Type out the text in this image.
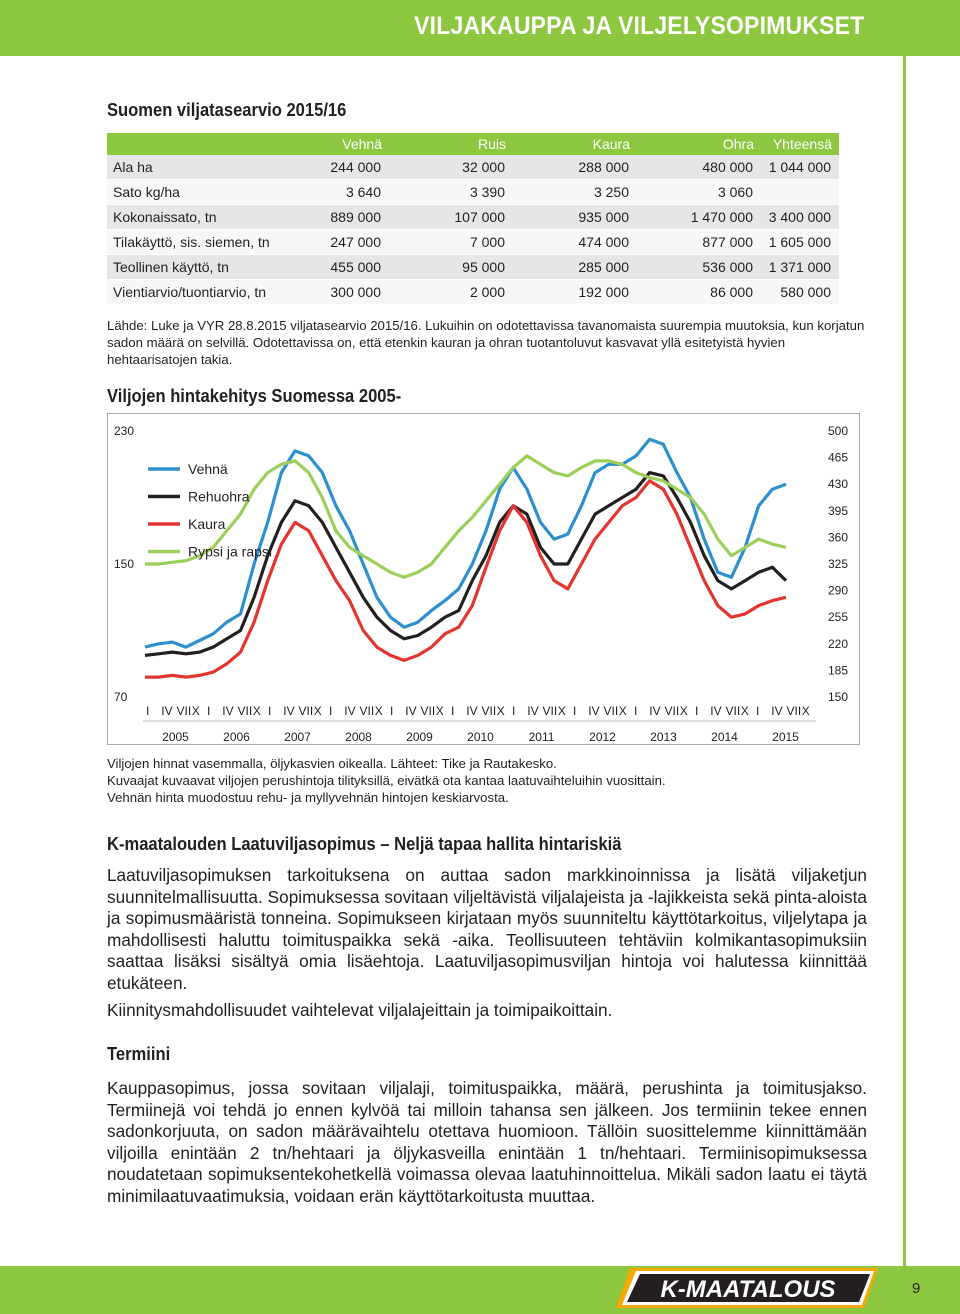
VILJAKAUPPA JA VILJELYSOPIMUKSET
Suomen viljatasearvio 2015/16
	Vehnä	Ruis	Kaura	Ohra	Yhteensä
Ala ha	244 000	32 000	288 000	480 000	1 044 000
Sato kg/ha	3 640	3 390	3 250	3 060	
Kokonaissato, tn	889 000	107 000	935 000	1 470 000	3 400 000
Tilakäyttö, sis. siemen, tn	247 000	7 000	474 000	877 000	1 605 000
Teollinen käyttö, tn	455 000	95 000	285 000	536 000	1 371 000
Vientiarvio/tuontiarvio, tn	300 000	2 000	192 000	86 000	580 000
Lähde: Luke ja VYR 28.8.2015 viljatasearvio 2015/16. Lukuihin on odotettavissa tavanomaista suurempia muutoksia, kun korjatun sadon määrä on selvillä. Odotettavissa on, että etenkin kauran ja ohran tuotantoluvut kasvavat yllä esitetyistä hyvien hehtaarisatojen takia.
Viljojen hintakehitys Suomessa 2005-
230
150
70
500
465
430
395
360
325
290
255
220
185
150
I IV VII X
2005
I IV VII X
2006
I IV VII X
2007
I IV VII X
2008
I IV VII X
2009
I IV VII X
2010
I IV VII X
2011
I IV VII X
2012
I IV VII X
2013
I IV VII X
2014
I IV VII X
2015
Vehnä
Rehuohra
Kaura
Rypsi ja rapsi
Viljojen hinnat vasemmalla, öljykasvien oikealla. Lähteet: Tike ja Rautakesko.
Kuvaajat kuvaavat viljojen perushintoja tilityksillä, eivätkä ota kantaa laatuvaihteluihin vuosittain.
Vehnän hinta muodostuu rehu- ja myllyvehnän hintojen keskiarvosta.
K-maatalouden Laatuviljasopimus – Neljä tapaa hallita hintariskiä
Laatuviljasopimuksen tarkoituksena on auttaa sadon markkinoinnissa ja lisätä viljaketjun suunnitelmallisuutta. Sopimuksessa sovitaan viljeltävistä viljalajeista ja -lajikkeista sekä pinta-aloista ja sopimusmääristä tonneina. Sopimukseen kirjataan myös suunniteltu käyttötarkoitus, viljelytapa ja mahdollisesti haluttu toimituspaikka sekä -aika. Teollisuuteen tehtäviin kolmikantasopimuksiin saattaa lisäksi sisältyä omia lisäehtoja. Laatuviljasopimusviljan hintoja voi halutessa kiinnittää etukäteen.
Kiinnitysmahdollisuudet vaihtelevat viljalajeittain ja toimipaikoittain.
Termiini
Kauppasopimus, jossa sovitaan viljalaji, toimituspaikka, määrä, perushinta ja toimitusjakso. Termiinejä voi tehdä jo ennen kylvöä tai milloin tahansa sen jälkeen. Jos termiinin tekee ennen sadonkorjuuta, on sadon määrävaihtelu otettava huomioon. Tällöin suosittelemme kiinnittämään viljoilla enintään 2 tn/hehtaari ja öljykasveilla enintään 1 tn/hehtaari. Termiinisopimuksessa noudatetaan sopimuksentekohetkellä voimassa olevaa laatuhinnoittelua. Mikäli sadon laatu ei täytä minimilaatuvaatimuksia, voidaan erän käyttötarkoitusta muuttaa.
K-MAATALOUS	9
